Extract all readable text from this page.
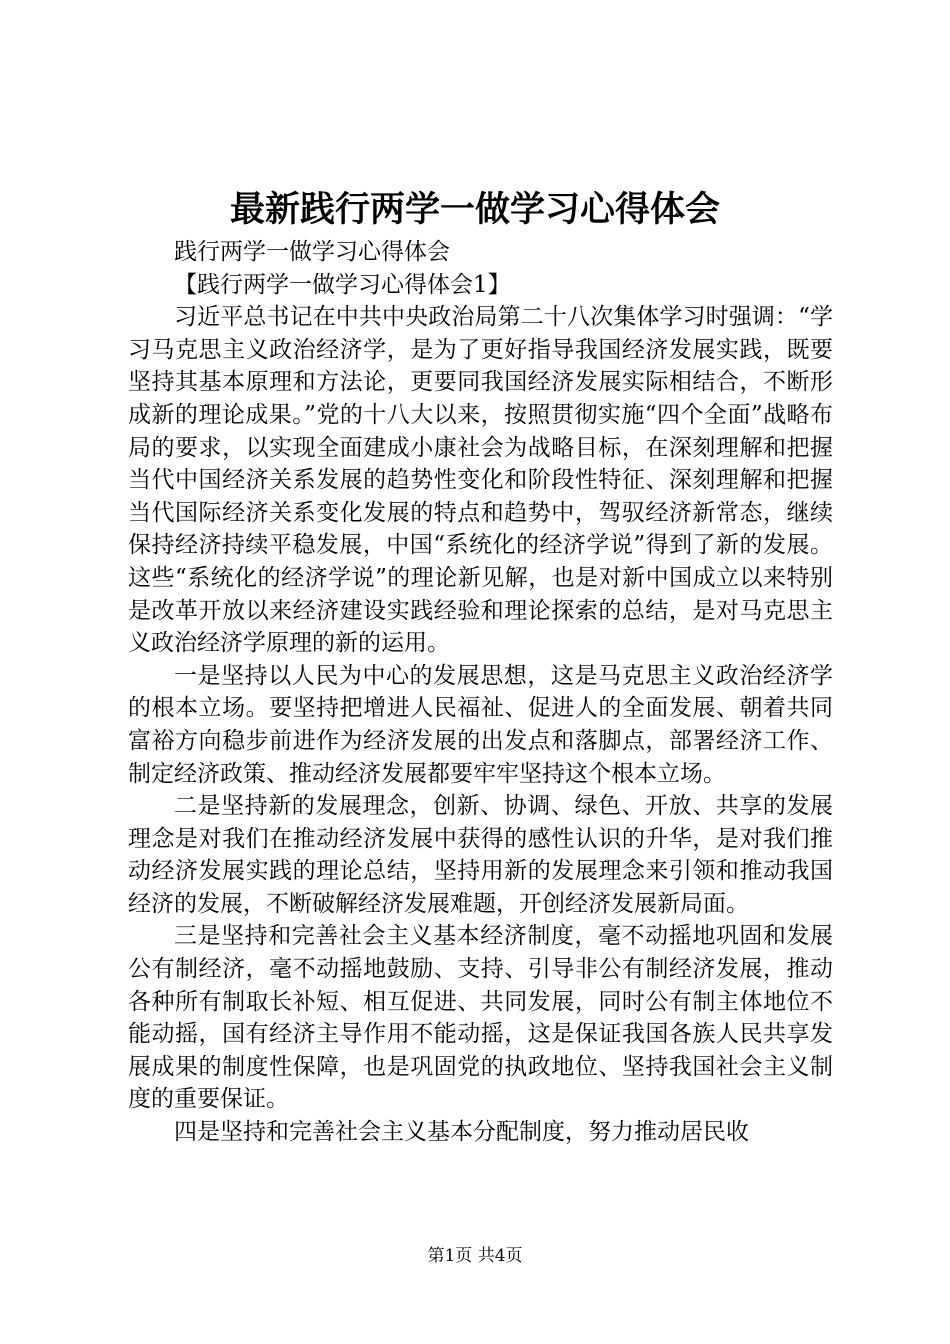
最新践行两学一做学习心得体会

践行两学一做学习心得体会

【践行两学一做学习心得体会1】

习近平总书记在中共中央政治局第二十八次集体学习时强调：“学习马克思主义政治经济学，是为了更好指导我国经济发展实践，既要坚持其基本原理和方法论，更要同我国经济发展实际相结合，不断形成新的理论成果。”党的十八大以来，按照贯彻实施“四个全面”战略布局的要求，以实现全面建成小康社会为战略目标，在深刻理解和把握当代中国经济关系发展的趋势性变化和阶段性特征、深刻理解和把握当代国际经济关系变化发展的特点和趋势中，驾驭经济新常态，继续保持经济持续平稳发展，中国“系统化的经济学说”得到了新的发展。这些“系统化的经济学说”的理论新见解，也是对新中国成立以来特别是改革开放以来经济建设实践经验和理论探索的总结，是对马克思主义政治经济学原理的新的运用。

一是坚持以人民为中心的发展思想，这是马克思主义政治经济学的根本立场。要坚持把增进人民福祉、促进人的全面发展、朝着共同富裕方向稳步前进作为经济发展的出发点和落脚点，部署经济工作、制定经济政策、推动经济发展都要牢牢坚持这个根本立场。

二是坚持新的发展理念，创新、协调、绿色、开放、共享的发展理念是对我们在推动经济发展中获得的感性认识的升华，是对我们推动经济发展实践的理论总结，坚持用新的发展理念来引领和推动我国经济的发展，不断破解经济发展难题，开创经济发展新局面。

三是坚持和完善社会主义基本经济制度，毫不动摇地巩固和发展公有制经济，毫不动摇地鼓励、支持、引导非公有制经济发展，推动各种所有制取长补短、相互促进、共同发展，同时公有制主体地位不能动摇，国有经济主导作用不能动摇，这是保证我国各族人民共享发展成果的制度性保障，也是巩固党的执政地位、坚持我国社会主义制度的重要保证。

四是坚持和完善社会主义基本分配制度，努力推动居民收

第1页 共4页
